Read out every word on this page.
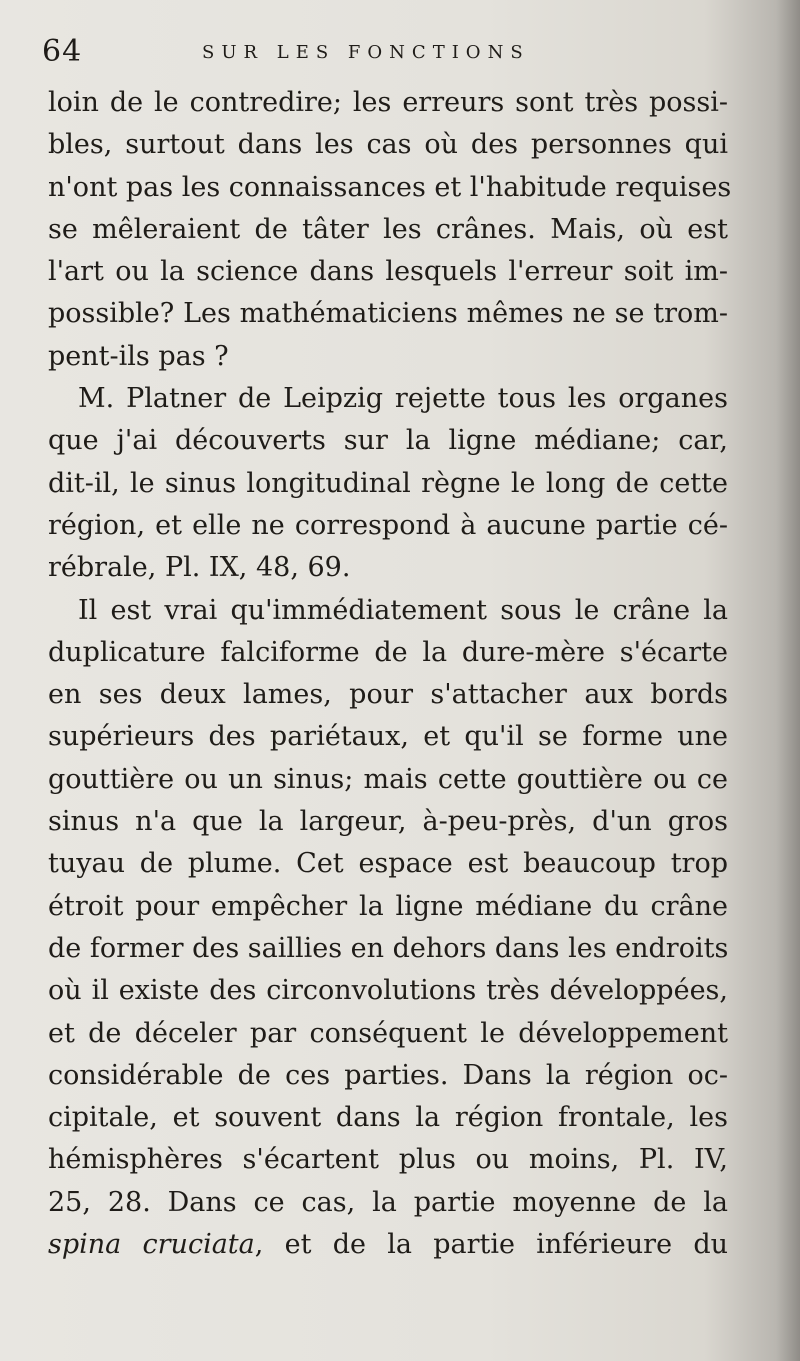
64	SUR LES FONCTIONS
loin de le contredire; les erreurs sont très possi-
bles, surtout dans les cas où des personnes qui
n'ont pas les connaissances et l'habitude requises
se mêleraient de tâter les crânes. Mais, où est
l'art ou la science dans lesquels l'erreur soit im-
possible? Les mathématiciens mêmes ne se trom-
pent-ils pas ?
M. Platner de Leipzig rejette tous les organes
que j'ai découverts sur la ligne médiane; car,
dit-il, le sinus longitudinal règne le long de cette
région, et elle ne correspond à aucune partie cé-
rébrale, Pl. IX, 48, 69.
Il est vrai qu'immédiatement sous le crâne la
duplicature falciforme de la dure-mère s'écarte
en ses deux lames, pour s'attacher aux bords
supérieurs des pariétaux, et qu'il se forme une
gouttière ou un sinus; mais cette gouttière ou ce
sinus n'a que la largeur, à-peu-près, d'un gros
tuyau de plume. Cet espace est beaucoup trop
étroit pour empêcher la ligne médiane du crâne
de former des saillies en dehors dans les endroits
où il existe des circonvolutions très développées,
et de déceler par conséquent le développement
considérable de ces parties. Dans la région oc-
cipitale, et souvent dans la région frontale, les
hémisphères s'écartent plus ou moins, Pl. IV,
25, 28. Dans ce cas, la partie moyenne de la
spina cruciata, et de la partie inférieure du
